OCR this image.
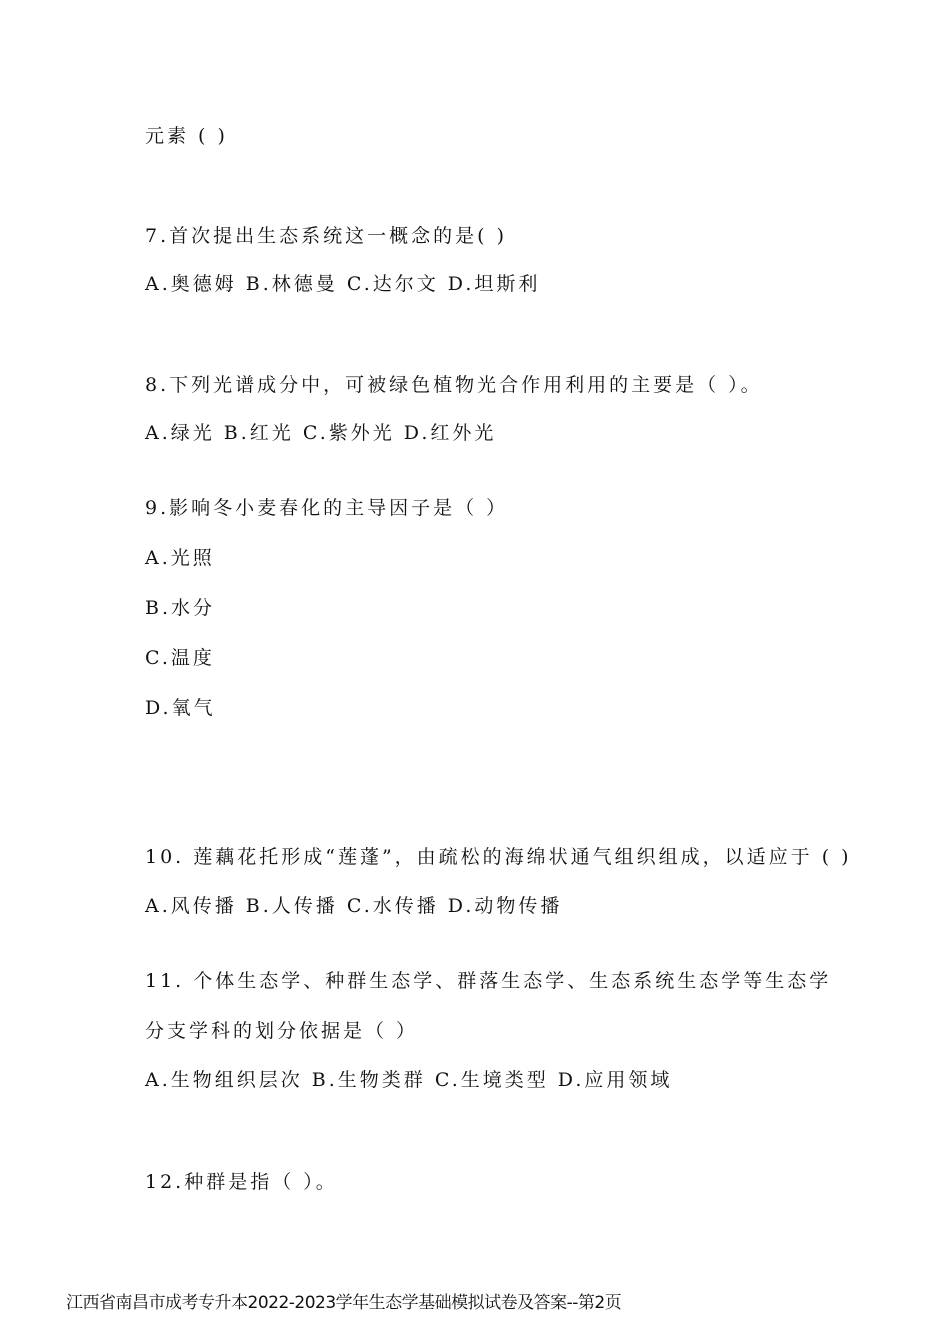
元素 ( )
7.首次提出生态系统这一概念的是( )
A.奥德姆 B.林德曼 C.达尔文 D.坦斯利
8.下列光谱成分中，可被绿色植物光合作用利用的主要是（ ）。
A.绿光 B.红光 C.紫外光 D.红外光
9.影响冬小麦春化的主导因子是（ ）
A.光照
B.水分
C.温度
D.氧气
10. 莲藕花托形成“莲蓬”，由疏松的海绵状通气组织组成，以适应于 ( )
A.风传播 B.人传播 C.水传播 D.动物传播
11. 个体生态学、种群生态学、群落生态学、生态系统生态学等生态学
分支学科的划分依据是（ ）
A.生物组织层次 B.生物类群 C.生境类型 D.应用领域
12.种群是指（ ）。
江西省南昌市成考专升本2022-2023学年生态学基础模拟试卷及答案--第2页
